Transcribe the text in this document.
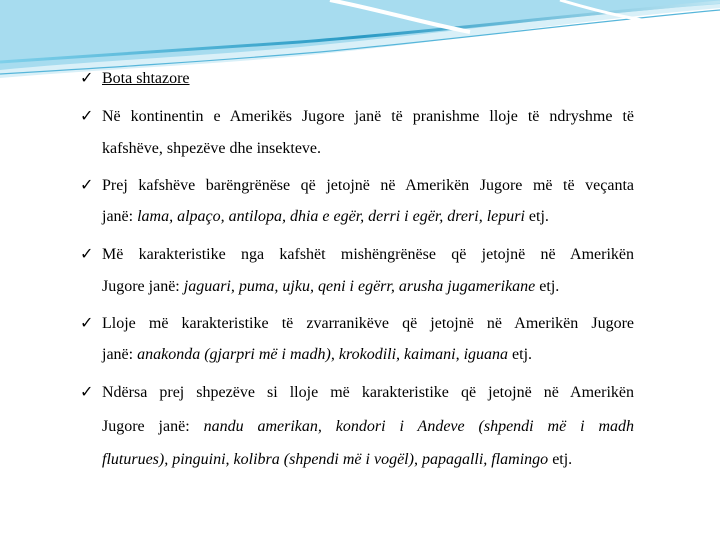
✓ Bota shtazore
✓ Në kontinentin e Amerikës Jugore janë të pranishme lloje të ndryshme të
kafshëve, shpezëve dhe insekteve.
✓ Prej kafshëve barëngrënëse që jetojnë në Amerikën Jugore më të veçanta
janë: lama, alpaço, antilopa, dhia e egër, derri i egër, dreri, lepuri etj.
✓ Më karakteristike nga kafshët mishëngrënëse që jetojnë në Amerikën
Jugore janë: jaguari, puma, ujku, qeni i egërr, arusha jugamerikane etj.
✓ Lloje më karakteristike të zvarranikëve që jetojnë në Amerikën Jugore
janë: anakonda (gjarpri më i madh), krokodili, kaimani, iguana etj.
✓ Ndërsa prej shpezëve si lloje më karakteristike që jetojnë në Amerikën
Jugore janë: nandu amerikan, kondori i Andeve (shpendi më i madh
fluturues), pinguini, kolibra (shpendi më i vogël), papagalli, flamingo etj.
